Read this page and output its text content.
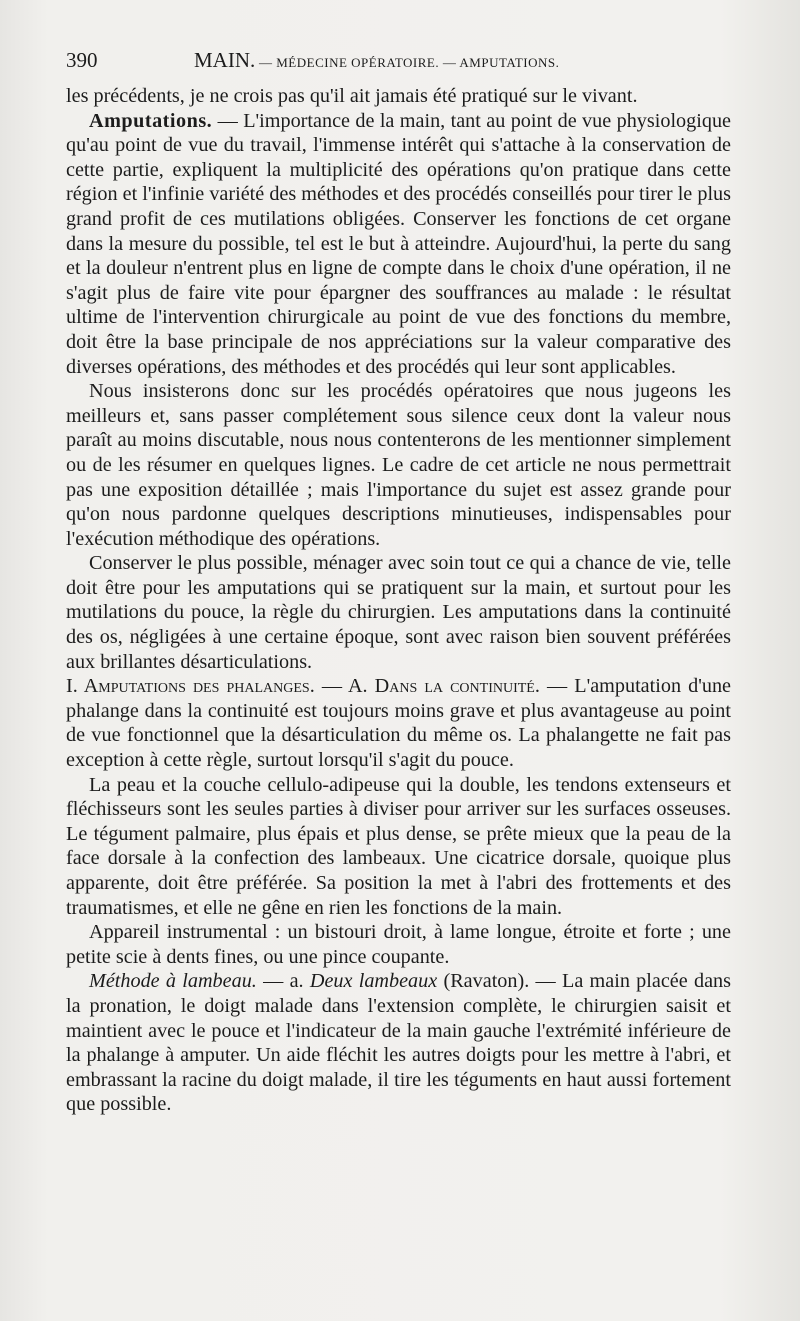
390	MAIN. — MÉDECINE OPÉRATOIRE. — AMPUTATIONS.

les précédents, je ne crois pas qu'il ait jamais été pratiqué sur le vivant.

Amputations. — L'importance de la main, tant au point de vue physiologique qu'au point de vue du travail, l'immense intérêt qui s'attache à la conservation de cette partie, expliquent la multiplicité des opérations qu'on pratique dans cette région et l'infinie variété des méthodes et des procédés conseillés pour tirer le plus grand profit de ces mutilations obligées. Conserver les fonctions de cet organe dans la mesure du possible, tel est le but à atteindre. Aujourd'hui, la perte du sang et la douleur n'entrent plus en ligne de compte dans le choix d'une opération, il ne s'agit plus de faire vite pour épargner des souffrances au malade : le résultat ultime de l'intervention chirurgicale au point de vue des fonctions du membre, doit être la base principale de nos appréciations sur la valeur comparative des diverses opérations, des méthodes et des procédés qui leur sont applicables.

Nous insisterons donc sur les procédés opératoires que nous jugeons les meilleurs et, sans passer complétement sous silence ceux dont la valeur nous paraît au moins discutable, nous nous contenterons de les mentionner simplement ou de les résumer en quelques lignes. Le cadre de cet article ne nous permettrait pas une exposition détaillée ; mais l'importance du sujet est assez grande pour qu'on nous pardonne quelques descriptions minutieuses, indispensables pour l'exécution méthodique des opérations.

Conserver le plus possible, ménager avec soin tout ce qui a chance de vie, telle doit être pour les amputations qui se pratiquent sur la main, et surtout pour les mutilations du pouce, la règle du chirurgien. Les amputations dans la continuité des os, négligées à une certaine époque, sont avec raison bien souvent préférées aux brillantes désarticulations.

I. Amputations des phalanges. — A. Dans la continuité. — L'amputation d'une phalange dans la continuité est toujours moins grave et plus avantageuse au point de vue fonctionnel que la désarticulation du même os. La phalangette ne fait pas exception à cette règle, surtout lorsqu'il s'agit du pouce.

La peau et la couche cellulo-adipeuse qui la double, les tendons extenseurs et fléchisseurs sont les seules parties à diviser pour arriver sur les surfaces osseuses. Le tégument palmaire, plus épais et plus dense, se prête mieux que la peau de la face dorsale à la confection des lambeaux. Une cicatrice dorsale, quoique plus apparente, doit être préférée. Sa position la met à l'abri des frottements et des traumatismes, et elle ne gêne en rien les fonctions de la main.

Appareil instrumental : un bistouri droit, à lame longue, étroite et forte ; une petite scie à dents fines, ou une pince coupante.

Méthode à lambeau. — a. Deux lambeaux (Ravaton). — La main placée dans la pronation, le doigt malade dans l'extension complète, le chirurgien saisit et maintient avec le pouce et l'indicateur de la main gauche l'extrémité inférieure de la phalange à amputer. Un aide fléchit les autres doigts pour les mettre à l'abri, et embrassant la racine du doigt malade, il tire les téguments en haut aussi fortement que possible.
